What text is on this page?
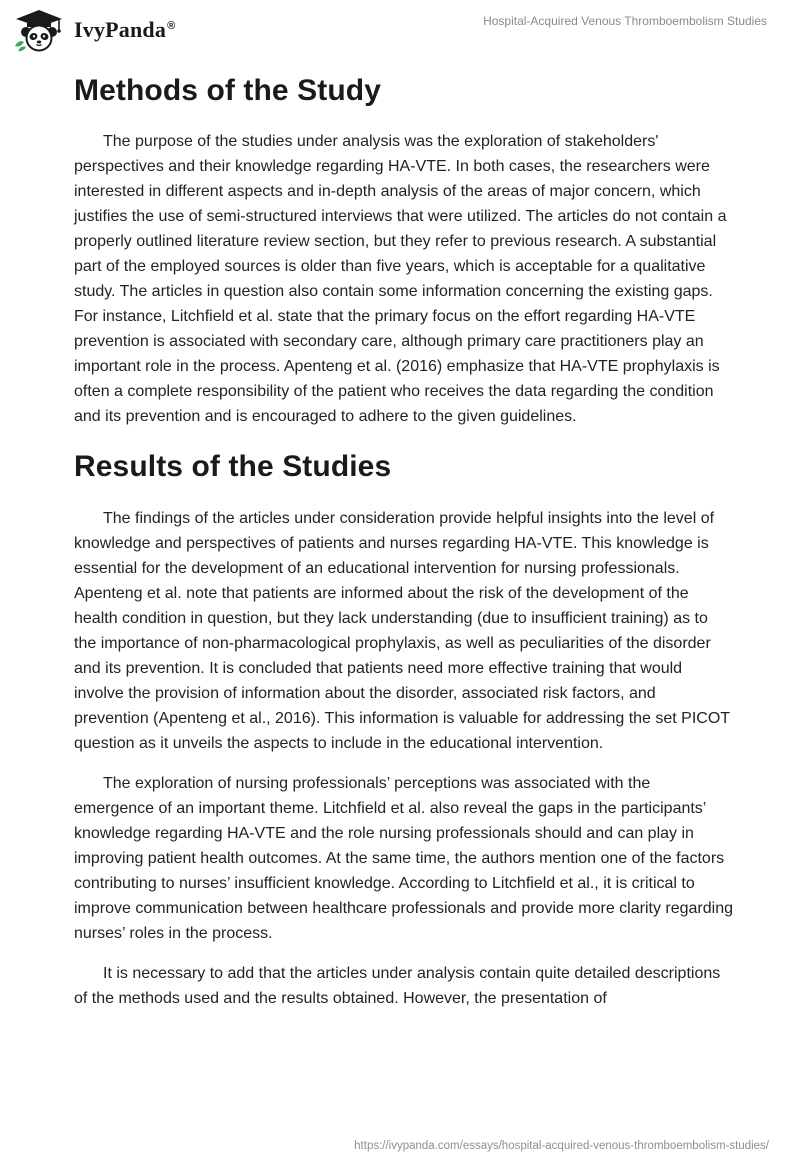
IvyPanda®	Hospital-Acquired Venous Thromboembolism Studies
Methods of the Study

The purpose of the studies under analysis was the exploration of stakeholders' perspectives and their knowledge regarding HA-VTE. In both cases, the researchers were interested in different aspects and in-depth analysis of the areas of major concern, which justifies the use of semi-structured interviews that were utilized. The articles do not contain a properly outlined literature review section, but they refer to previous research. A substantial part of the employed sources is older than five years, which is acceptable for a qualitative study. The articles in question also contain some information concerning the existing gaps. For instance, Litchfield et al. state that the primary focus on the effort regarding HA-VTE prevention is associated with secondary care, although primary care practitioners play an important role in the process. Apenteng et al. (2016) emphasize that HA-VTE prophylaxis is often a complete responsibility of the patient who receives the data regarding the condition and its prevention and is encouraged to adhere to the given guidelines.

Results of the Studies

The findings of the articles under consideration provide helpful insights into the level of knowledge and perspectives of patients and nurses regarding HA-VTE. This knowledge is essential for the development of an educational intervention for nursing professionals. Apenteng et al. note that patients are informed about the risk of the development of the health condition in question, but they lack understanding (due to insufficient training) as to the importance of non-pharmacological prophylaxis, as well as peculiarities of the disorder and its prevention. It is concluded that patients need more effective training that would involve the provision of information about the disorder, associated risk factors, and prevention (Apenteng et al., 2016). This information is valuable for addressing the set PICOT question as it unveils the aspects to include in the educational intervention.

The exploration of nursing professionals’ perceptions was associated with the emergence of an important theme. Litchfield et al. also reveal the gaps in the participants’ knowledge regarding HA-VTE and the role nursing professionals should and can play in improving patient health outcomes. At the same time, the authors mention one of the factors contributing to nurses’ insufficient knowledge. According to Litchfield et al., it is critical to improve communication between healthcare professionals and provide more clarity regarding nurses’ roles in the process.

It is necessary to add that the articles under analysis contain quite detailed descriptions of the methods used and the results obtained. However, the presentation of

https://ivypanda.com/essays/hospital-acquired-venous-thromboembolism-studies/
